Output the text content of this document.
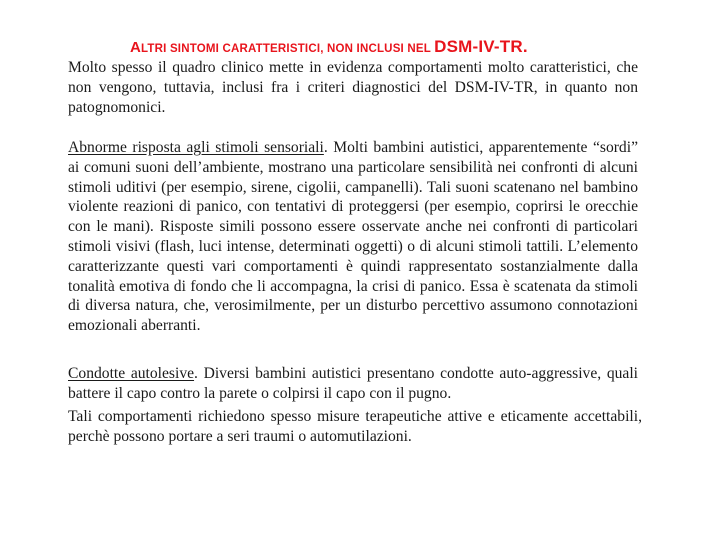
ALTRI SINTOMI CARATTERISTICI, NON INCLUSI NEL DSM-IV-TR.

Molto spesso il quadro clinico mette in evidenza comportamenti molto caratteristici, che non vengono, tuttavia, inclusi fra i criteri diagnostici del DSM-IV-TR, in quanto non patognomonici.

Abnorme risposta agli stimoli sensoriali. Molti bambini autistici, apparentemente “sordi” ai comuni suoni dell’ambiente, mostrano una particolare sensibilità nei confronti di alcuni stimoli uditivi (per esempio, sirene, cigolii, campanelli). Tali suoni scatenano nel bambino violente reazioni di panico, con tentativi di proteggersi (per esempio, coprirsi le orecchie con le mani). Risposte simili possono essere osservate anche nei confronti di particolari stimoli visivi (flash, luci intense, determinati oggetti) o di alcuni stimoli tattili. L’elemento caratterizzante questi vari comportamenti è quindi rappresentato sostanzialmente dalla tonalità emotiva di fondo che li accompagna, la crisi di panico. Essa è scatenata da stimoli di diversa natura, che, verosimilmente, per un disturbo percettivo assumono connotazioni emozionali aberranti.

Condotte autolesive. Diversi bambini autistici presentano condotte auto-aggressive, quali battere il capo contro la parete o colpirsi il capo con il pugno.

Tali comportamenti richiedono spesso misure terapeutiche attive e eticamente accettabili, perchè possono portare a seri traumi o automutilazioni.
